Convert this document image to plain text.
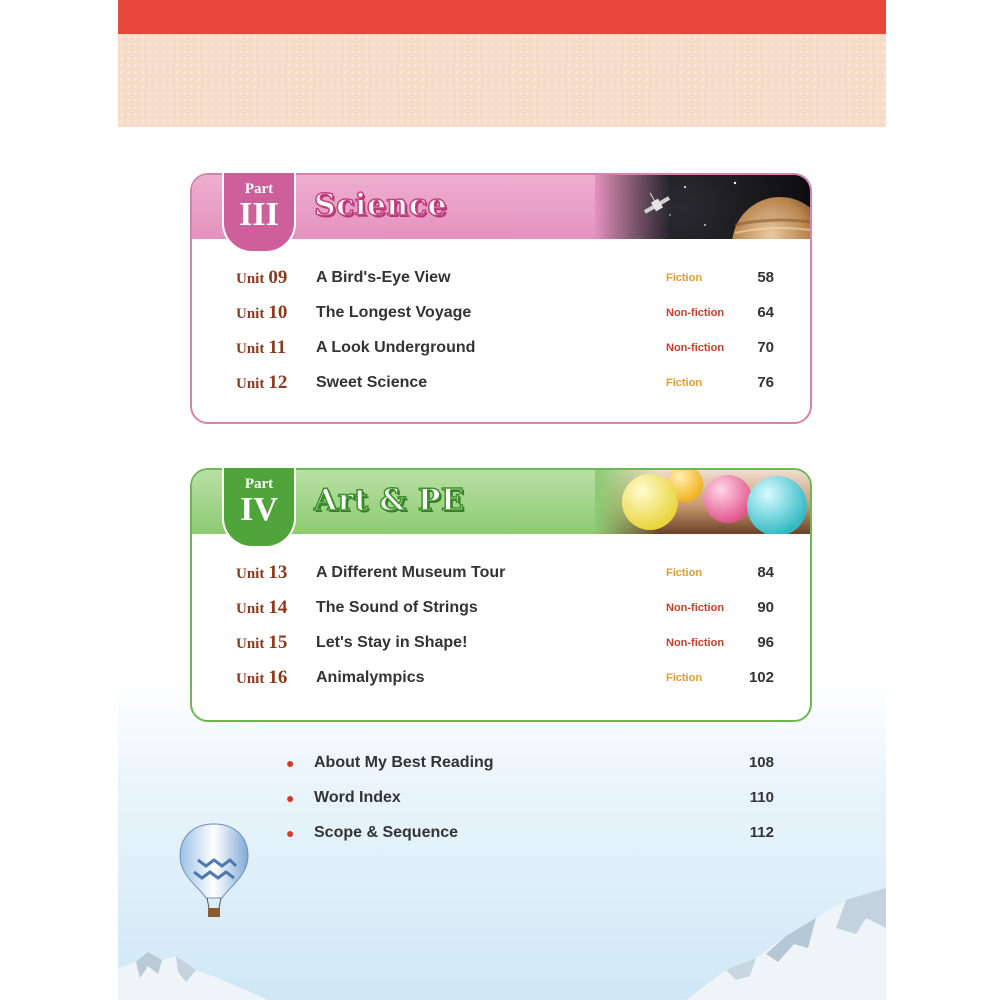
Science
Part
III
Unit 09 A Bird's-Eye View	Fiction	58
Unit 10 The Longest Voyage	Non-fiction 64
Unit 11 A Look Underground	Non-fiction 70
Unit 12 Sweet Science	Fiction	76
Art & PE
Part
IV
Unit 13 A Different Museum Tour	Fiction	84
Unit 14 The Sound of Strings	Non-fiction 90
Unit 15 Let's Stay in Shape!	Non-fiction 96
Unit 16 Animalympics	Fiction	102
● About My Best Reading	108
● Word Index	110
● Scope & Sequence	112
